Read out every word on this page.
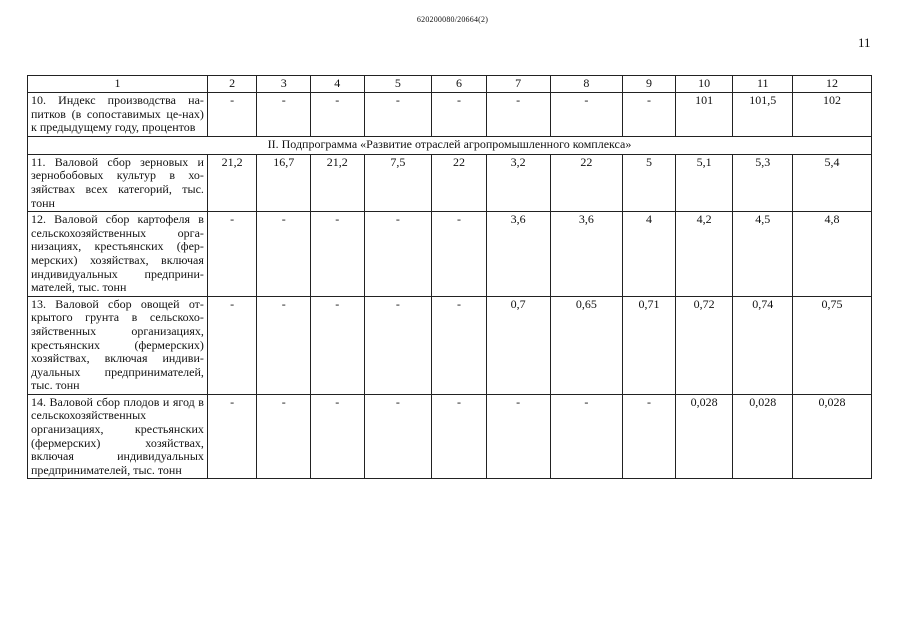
620200080/20664(2)
11
1	2	3	4	5	6	7	8	9	10	11	12
10. Индекс производства на-питков (в сопоставимых це-нах) к предыдущему году, процентов	-	-	-	-	-	-	-	-	101	101,5	102
II. Подпрограмма «Развитие отраслей агропромышленного комплекса»											
11. Валовой сбор зерновых и зернобобовых культур в хо-зяйствах всех категорий, тыс. тонн	21,2	16,7	21,2	7,5	22	3,2	22	5	5,1	5,3	5,4
12. Валовой сбор картофеля в сельскохозяйственных орга-низациях, крестьянских (фер-мерских) хозяйствах, включая индивидуальных предприни-мателей, тыс. тонн	-	-	-	-	-	3,6	3,6	4	4,2	4,5	4,8
13. Валовой сбор овощей от-крытого грунта в сельскохо-зяйственных организациях, крестьянских (фермерских) хозяйствах, включая индиви-дуальных предпринимателей, тыс. тонн	-	-	-	-	-	0,7	0,65	0,71	0,72	0,74	0,75
14. Валовой сбор плодов и ягод в сельскохозяйственных организациях, крестьянских (фермерских) хозяйствах, включая индивидуальных предпринимателей, тыс. тонн	-	-	-	-	-	-	-	-	0,028	0,028	0,028
